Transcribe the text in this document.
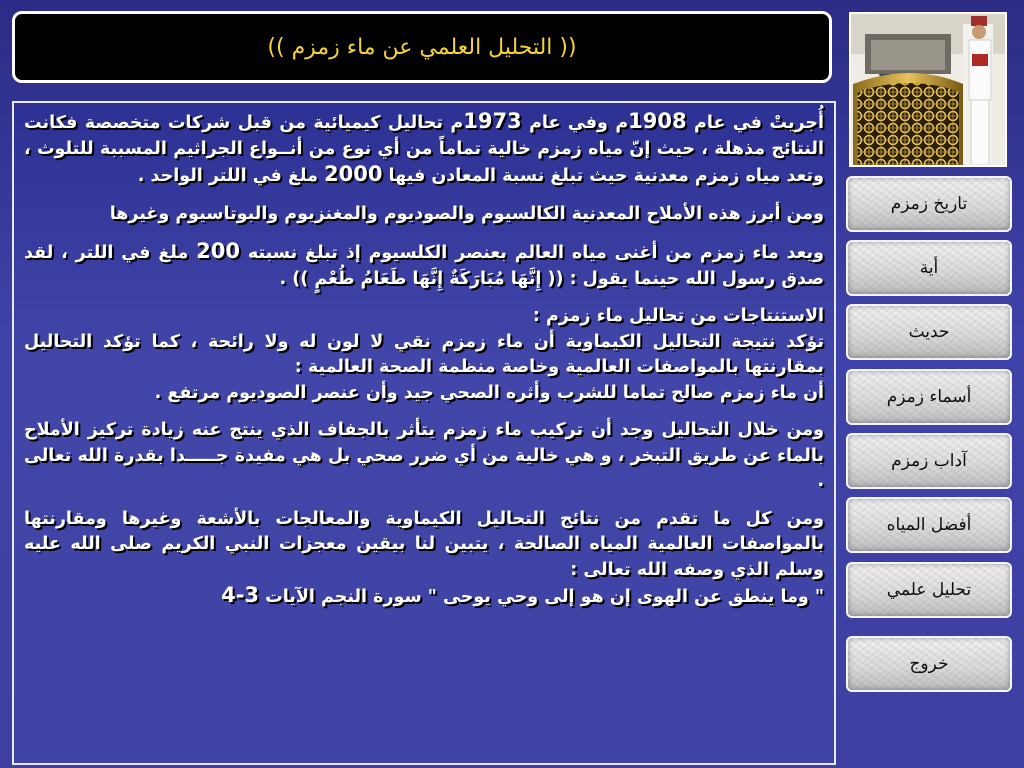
(( التحليل العلمي عن ماء زمزم ))

أُجريتْ في عام 1908م وفي عام 1973م تحاليل كيميائية من قبل شركات متخصصة فكانت النتائج مذهلة ، حيث إنّ مياه زمزم خالية تماماً من أي نوع من أنــواع الجراثيم المسببة للتلوث ، وتعد مياه زمزم معدنية حيث تبلغ نسبة المعادن فيها 2000 ملغ في اللتر الواحد .

ومن أبرز هذه الأملاح المعدنية الكالسيوم والصوديوم والمغنزيوم والبوتاسيوم وغيرها

ويعد ماء زمزم من أغنى مياه العالم بعنصر الكلسيوم إذ تبلغ نسبته 200 ملغ في اللتر ، لقد صدق رسول الله حينما يقول : (( إِنَّهَا مُبَارَكَةٌ إِنَّهَا طَعَامُ طُعْمٍ )) .

الاستنتاجات من تحاليل ماء زمزم :

تؤكد نتيجة التحاليل الكيماوية أن ماء زمزم نقي لا لون له ولا رائحة ، كما تؤكد التحاليل بمقارنتها بالمواصفات العالمية وخاصة منظمة الصحة العالمية :

أن ماء زمزم صالح تماما للشرب وأثره الصحي جيد وأن عنصر الصوديوم مرتفع .

ومن خلال التحاليل وجد أن تركيب ماء زمزم يتأثر بالجفاف الذي ينتج عنه زيادة تركيز الأملاح بالماء عن طريق التبخر ، و هي خالية من أي ضرر صحي بل هي مفيدة جـــــدا بقدرة الله تعالى .

ومن كل ما تقدم من نتائج التحاليل الكيماوية والمعالجات بالأشعة وغيرها ومقارنتها بالمواصفات العالمية المياه الصالحة ، يتبين لنا بيقين معجزات النبي الكريم صلى الله عليه وسلم الذي وصفه الله تعالى :

" وما ينطق عن الهوى إن هو إلى وحي يوحى " سورة النجم الآيات 3-4

تاريخ زمزم
أية
حديث
أسماء زمزم
آداب زمزم
أفضل المياه
تحليل علمي
خروج
